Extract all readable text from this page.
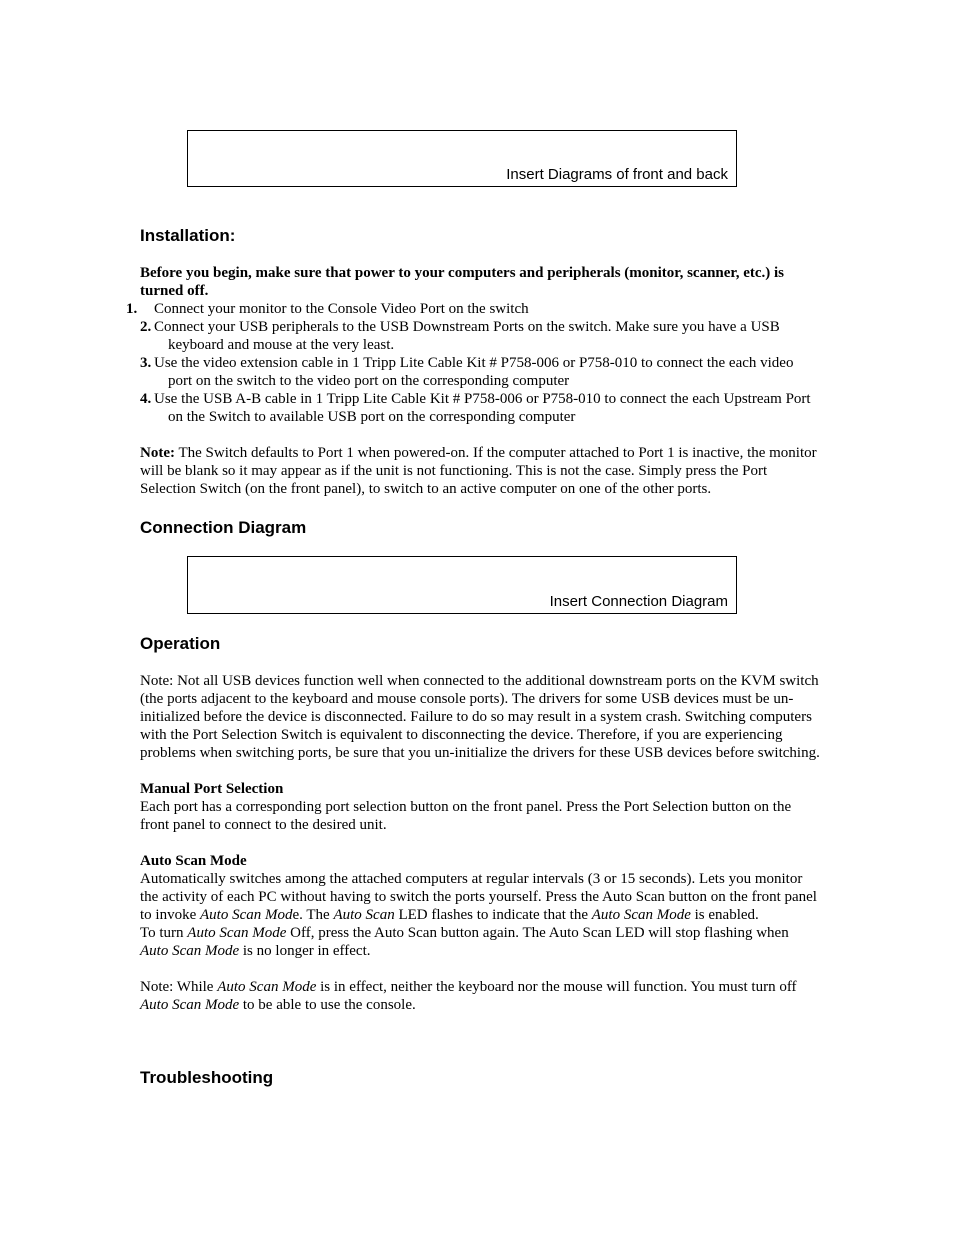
Insert Diagrams of front and back
Installation:

Before you begin, make sure that power to your computers and peripherals (monitor, scanner, etc.) is turned off.

1. Connect your monitor to the Console Video Port on the switch
2. Connect your USB peripherals to the USB Downstream Ports on the switch. Make sure you have a USB keyboard and mouse at the very least.
3. Use the video extension cable in 1 Tripp Lite Cable Kit # P758-006 or P758-010 to connect the each video port on the switch to the video port on the corresponding computer
4. Use the USB A-B cable in 1 Tripp Lite Cable Kit # P758-006 or P758-010 to connect the each Upstream Port on the Switch to available USB port on the corresponding computer

Note: The Switch defaults to Port 1 when powered-on. If the computer attached to Port 1 is inactive, the monitor will be blank so it may appear as if the unit is not functioning. This is not the case. Simply press the Port Selection Switch (on the front panel), to switch to an active computer on one of the other ports.

Connection Diagram
Insert Connection Diagram
Operation

Note: Not all USB devices function well when connected to the additional downstream ports on the KVM switch (the ports adjacent to the keyboard and mouse console ports). The drivers for some USB devices must be un-initialized before the device is disconnected. Failure to do so may result in a system crash. Switching computers with the Port Selection Switch is equivalent to disconnecting the device. Therefore, if you are experiencing problems when switching ports, be sure that you un-initialize the drivers for these USB devices before switching.

Manual Port Selection

Each port has a corresponding port selection button on the front panel. Press the Port Selection button on the front panel to connect to the desired unit.

Auto Scan Mode

Automatically switches among the attached computers at regular intervals (3 or 15 seconds). Lets you monitor the activity of each PC without having to switch the ports yourself. Press the Auto Scan button on the front panel to invoke Auto Scan Mode. The Auto Scan LED flashes to indicate that the Auto Scan Mode is enabled.

To turn Auto Scan Mode Off, press the Auto Scan button again. The Auto Scan LED will stop flashing when Auto Scan Mode is no longer in effect.

Note: While Auto Scan Mode is in effect, neither the keyboard nor the mouse will function. You must turn off Auto Scan Mode to be able to use the console.

Troubleshooting
